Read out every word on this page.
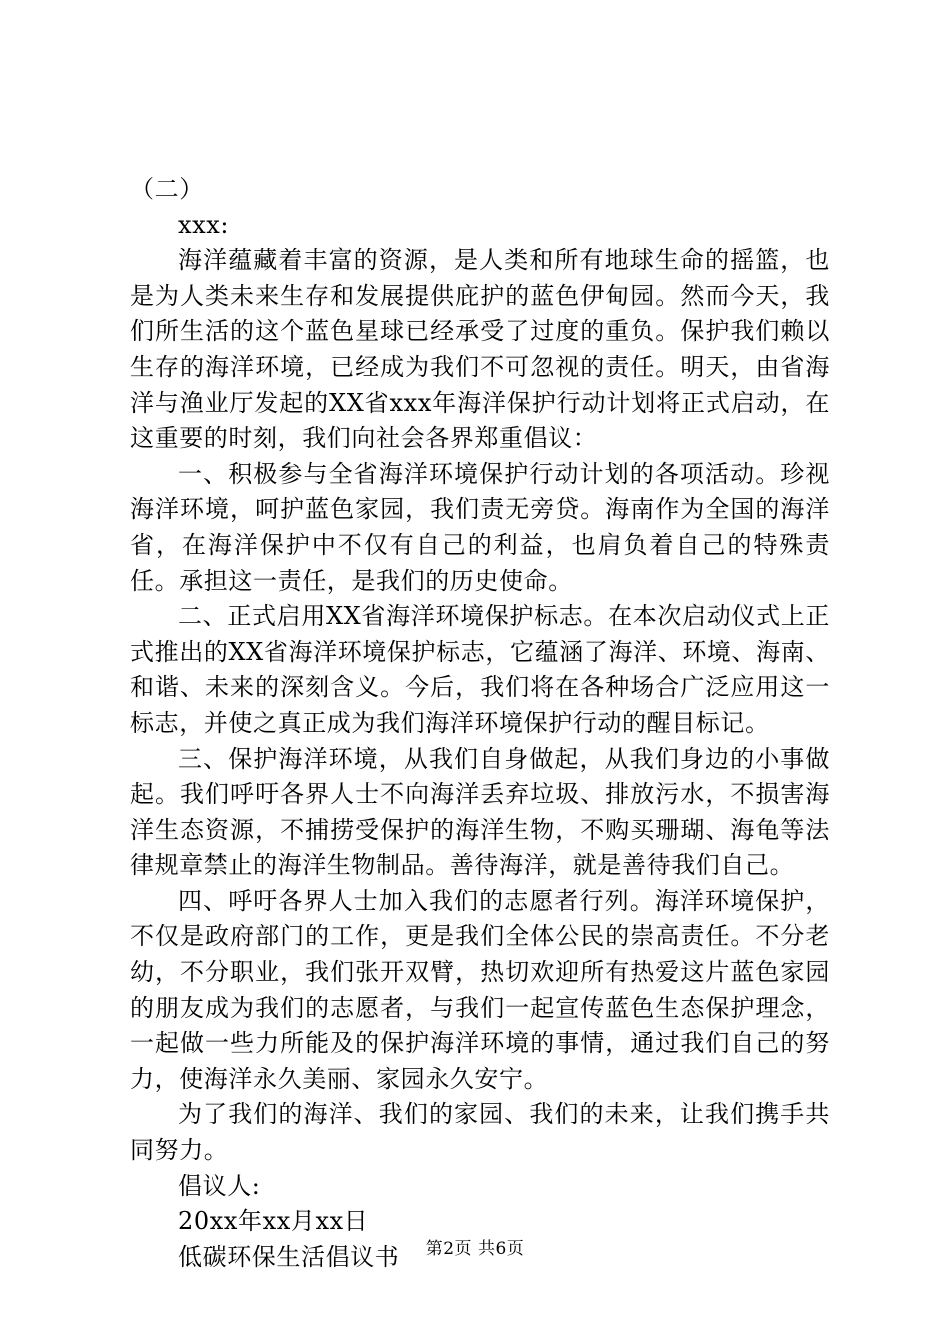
（二）

xxx:

海洋蕴藏着丰富的资源，是人类和所有地球生命的摇篮，也是为人类未来生存和发展提供庇护的蓝色伊甸园。然而今天，我们所生活的这个蓝色星球已经承受了过度的重负。保护我们赖以生存的海洋环境，已经成为我们不可忽视的责任。明天，由省海洋与渔业厅发起的XX省xxx年海洋保护行动计划将正式启动，在这重要的时刻，我们向社会各界郑重倡议：

一、积极参与全省海洋环境保护行动计划的各项活动。珍视海洋环境，呵护蓝色家园，我们责无旁贷。海南作为全国的海洋省，在海洋保护中不仅有自己的利益，也肩负着自己的特殊责任。承担这一责任，是我们的历史使命。

二、正式启用XX省海洋环境保护标志。在本次启动仪式上正式推出的XX省海洋环境保护标志，它蕴涵了海洋、环境、海南、和谐、未来的深刻含义。今后，我们将在各种场合广泛应用这一标志，并使之真正成为我们海洋环境保护行动的醒目标记。

三、保护海洋环境，从我们自身做起，从我们身边的小事做起。我们呼吁各界人士不向海洋丢弃垃圾、排放污水，不损害海洋生态资源，不捕捞受保护的海洋生物，不购买珊瑚、海龟等法律规章禁止的海洋生物制品。善待海洋，就是善待我们自己。

四、呼吁各界人士加入我们的志愿者行列。海洋环境保护，不仅是政府部门的工作，更是我们全体公民的崇高责任。不分老幼，不分职业，我们张开双臂，热切欢迎所有热爱这片蓝色家园的朋友成为我们的志愿者，与我们一起宣传蓝色生态保护理念，一起做一些力所能及的保护海洋环境的事情，通过我们自己的努力，使海洋永久美丽、家园永久安宁。

为了我们的海洋、我们的家园、我们的未来，让我们携手共同努力。

倡议人:

20xx年xx月xx日

低碳环保生活倡议书	第2页 共6页
